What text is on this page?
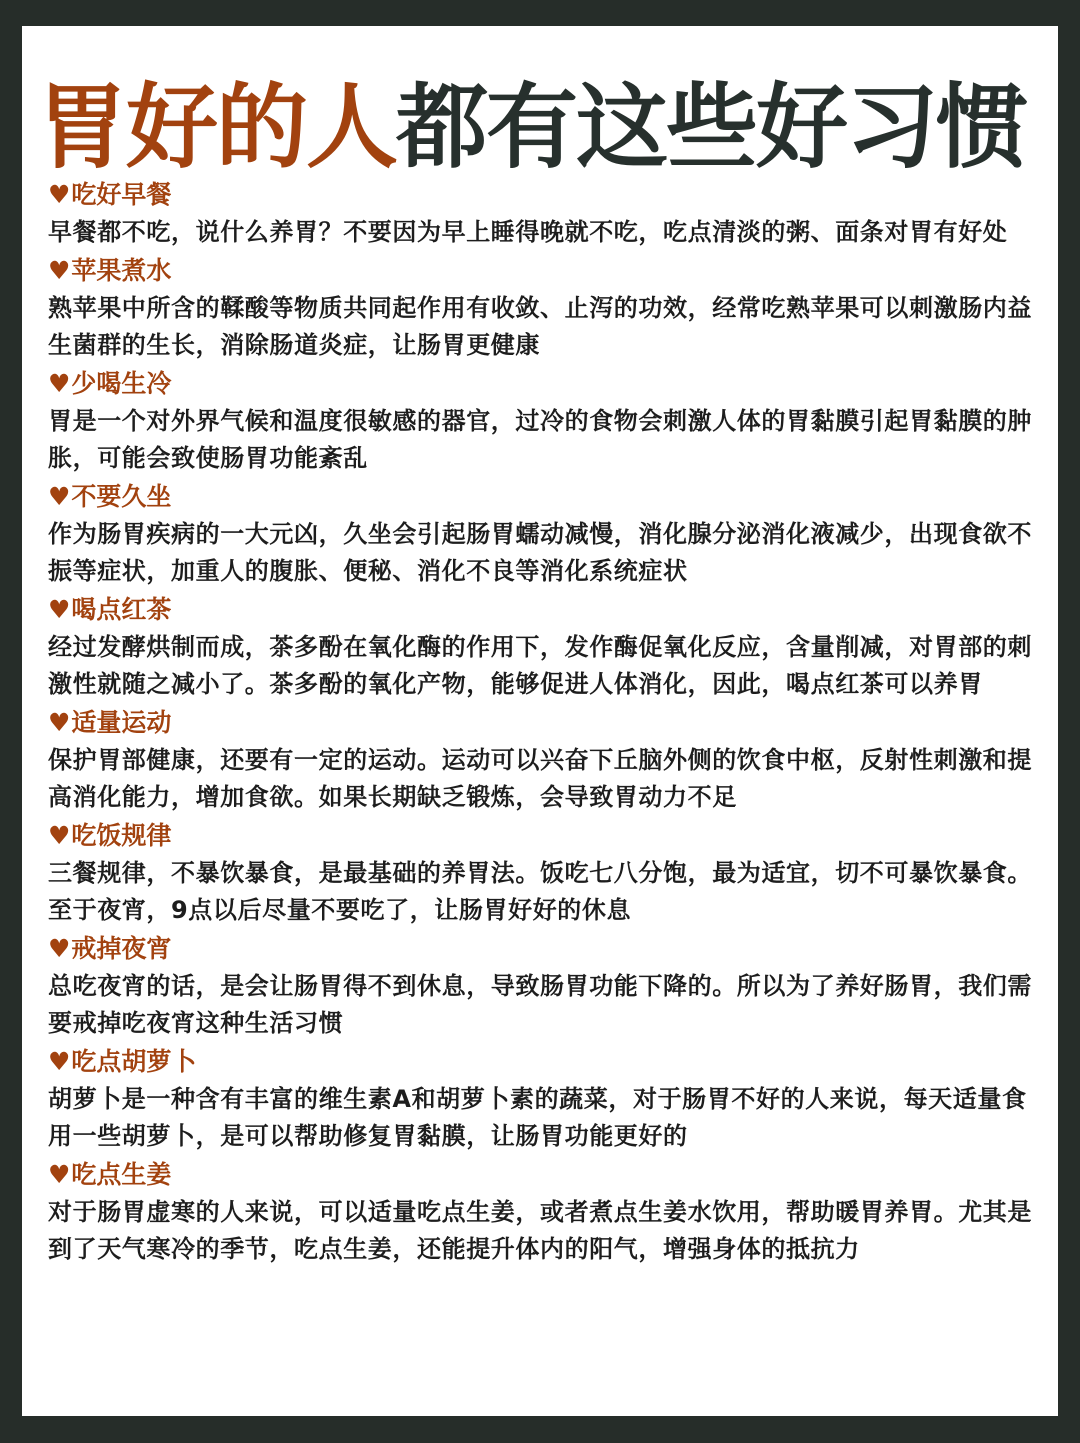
胃好的人都有这些好习惯
♥吃好早餐
早餐都不吃，说什么养胃？不要因为早上睡得晚就不吃，吃点清淡的粥、面条对胃有好处
♥苹果煮水
熟苹果中所含的鞣酸等物质共同起作用有收敛、止泻的功效，经常吃熟苹果可以刺激肠内益生菌群的生长，消除肠道炎症，让肠胃更健康
♥少喝生冷
胃是一个对外界气候和温度很敏感的器官，过冷的食物会刺激人体的胃黏膜引起胃黏膜的肿胀，可能会致使肠胃功能紊乱
♥不要久坐
作为肠胃疾病的一大元凶，久坐会引起肠胃蠕动减慢，消化腺分泌消化液减少，出现食欲不振等症状，加重人的腹胀、便秘、消化不良等消化系统症状
♥喝点红茶
经过发酵烘制而成，茶多酚在氧化酶的作用下，发作酶促氧化反应，含量削减，对胃部的刺激性就随之减小了。茶多酚的氧化产物，能够促进人体消化，因此，喝点红茶可以养胃
♥适量运动
保护胃部健康，还要有一定的运动。运动可以兴奋下丘脑外侧的饮食中枢，反射性刺激和提高消化能力，增加食欲。如果长期缺乏锻炼，会导致胃动力不足
♥吃饭规律
三餐规律，不暴饮暴食，是最基础的养胃法。饭吃七八分饱，最为适宜，切不可暴饮暴食。至于夜宵，9点以后尽量不要吃了，让肠胃好好的休息
♥戒掉夜宵
总吃夜宵的话，是会让肠胃得不到休息，导致肠胃功能下降的。所以为了养好肠胃，我们需要戒掉吃夜宵这种生活习惯
♥吃点胡萝卜
胡萝卜是一种含有丰富的维生素A和胡萝卜素的蔬菜，对于肠胃不好的人来说，每天适量食用一些胡萝卜，是可以帮助修复胃黏膜，让肠胃功能更好的
♥吃点生姜
对于肠胃虚寒的人来说，可以适量吃点生姜，或者煮点生姜水饮用，帮助暖胃养胃。尤其是到了天气寒冷的季节，吃点生姜，还能提升体内的阳气，增强身体的抵抗力
